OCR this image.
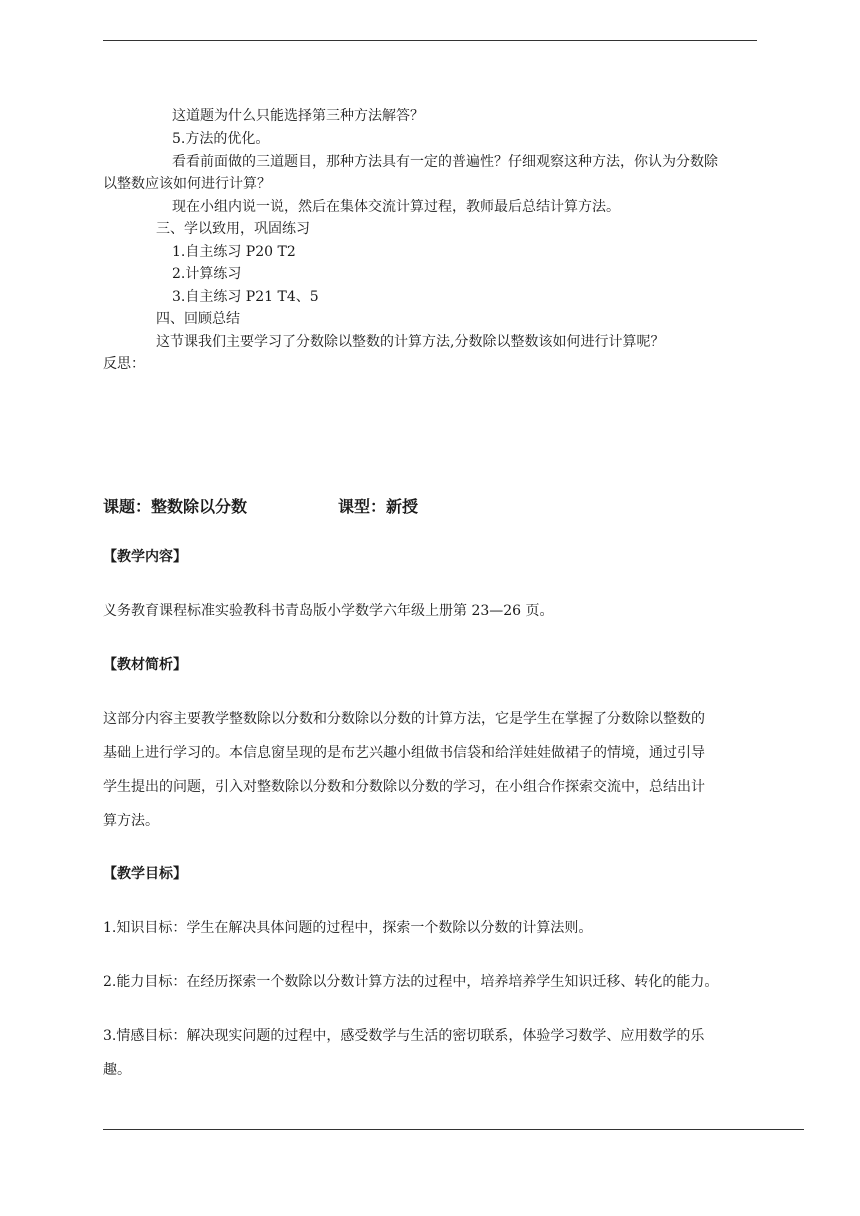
这道题为什么只能选择第三种方法解答？
5.方法的优化。
看看前面做的三道题目，那种方法具有一定的普遍性？仔细观察这种方法，你认为分数除
以整数应该如何进行计算？
现在小组内说一说，然后在集体交流计算过程，教师最后总结计算方法。
三、学以致用，巩固练习
1.自主练习 P20 T2
2.计算练习
3.自主练习 P21 T4、5
四、回顾总结
这节课我们主要学习了分数除以整数的计算方法,分数除以整数该如何进行计算呢？
反思：
课题：整数除以分数	课型：新授
【教学内容】
义务教育课程标准实验教科书青岛版小学数学六年级上册第 23—26 页。
【教材简析】
这部分内容主要教学整数除以分数和分数除以分数的计算方法，它是学生在掌握了分数除以整数的
基础上进行学习的。本信息窗呈现的是布艺兴趣小组做书信袋和给洋娃娃做裙子的情境，通过引导
学生提出的问题，引入对整数除以分数和分数除以分数的学习，在小组合作探索交流中，总结出计
算方法。
【教学目标】
1.知识目标：学生在解决具体问题的过程中，探索一个数除以分数的计算法则。
2.能力目标：在经历探索一个数除以分数计算方法的过程中，培养培养学生知识迁移、转化的能力。
3.情感目标：解决现实问题的过程中，感受数学与生活的密切联系，体验学习数学、应用数学的乐
趣。
